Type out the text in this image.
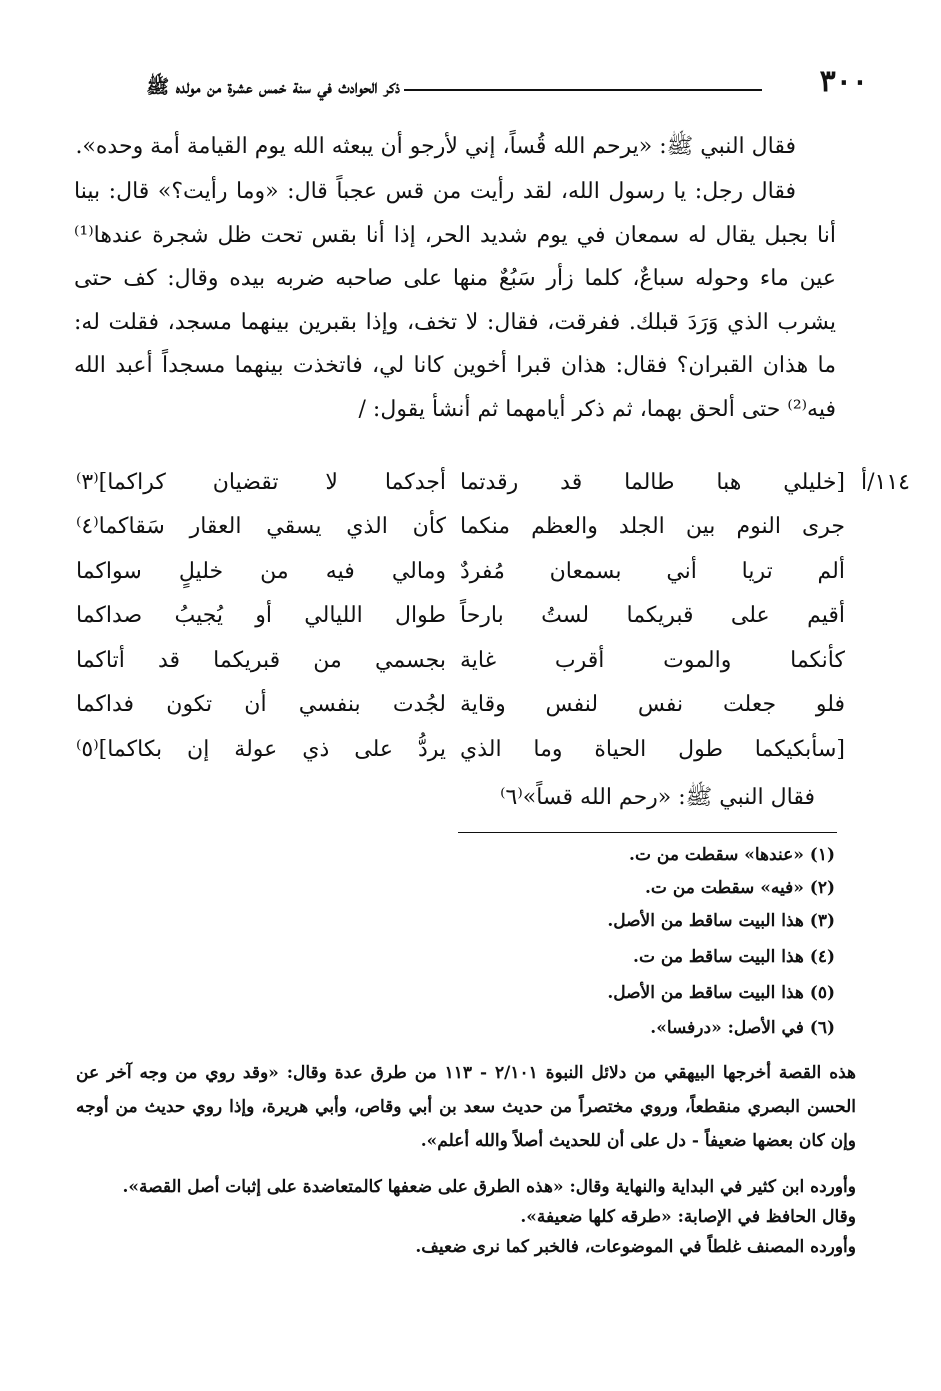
٣٠٠
ذكر الحوادث في سنة خمس عشرة من مولده ﷺ

فقال النبي ﷺ: «يرحم الله قُساً، إني لأرجو أن يبعثه الله يوم القيامة أمة وحده».

فقال رجل: يا رسول الله، لقد رأيت من قس عجباً قال: «وما رأيت؟» قال: بينا أنا بجبل يقال له سمعان في يوم شديد الحر، إذا أنا بقس تحت ظل شجرة عندها⁽¹⁾ عين ماء وحوله سباعٌ، كلما زأر سَبُعٌ منها على صاحبه ضربه بيده وقال: كف حتى يشرب الذي وَرَدَ قبلك. ففرقت، فقال: لا تخف، وإذا بقبرين بينهما مسجد، فقلت له: ما هذان القبران؟ فقال: هذان قبرا أخوين كانا لي، فاتخذت بينهما مسجداً أعبد الله فيه⁽²⁾ حتى ألحق بهما، ثم ذكر أيامهما ثم أنشأ يقول: /

١١٤/أ
[خليلي هبا طالما قد رقدتما
أجدكما لا تقضيان كراكما]⁽٣⁾
جرى النوم بين الجلد والعظم منكما
كأن الذي يسقي العقار سَقاكما⁽٤⁾
ألم تريا أني بسمعان مُفردٌ
ومالي فيه من خليلٍ سواكما
أقيم على قبريكما لستُ بارحاً
طوال الليالي أو يُجيبُ صداكما
كأنكما والموت أقرب غاية
بجسمي من قبريكما قد أتاكما
فلو جعلت نفس لنفس وقاية
لجُدت بنفسي أن تكون فداكما
[سأبكيكما طول الحياة وما الذي
يردُّ على ذي عولة إن بكاكما]⁽٥⁾
فقال النبي ﷺ: «رحم الله قساً»⁽٦⁾
(١) «عندها» سقطت من ت.
(٢) «فيه» سقطت من ت.
(٣) هذا البيت ساقط من الأصل.
(٤) هذا البيت ساقط من ت.
(٥) هذا البيت ساقط من الأصل.
(٦) في الأصل: «درفسا».
هذه القصة أخرجها البيهقي من دلائل النبوة ٢/١٠١ - ١١٣ من طرق عدة وقال: «وقد روي من وجه آخر عن الحسن البصري منقطعاً، وروي مختصراً من حديث سعد بن أبي وقاص، وأبي هريرة، وإذا روي حديث من أوجه وإن كان بعضها ضعيفاً - دل على أن للحديث أصلاً والله أعلم».
وأورده ابن كثير في البداية والنهاية وقال: «هذه الطرق على ضعفها كالمتعاضدة على إثبات أصل القصة».
وقال الحافظ في الإصابة: «طرقه كلها ضعيفة».
وأورده المصنف غلطاً في الموضوعات، فالخبر كما نرى ضعيف.
